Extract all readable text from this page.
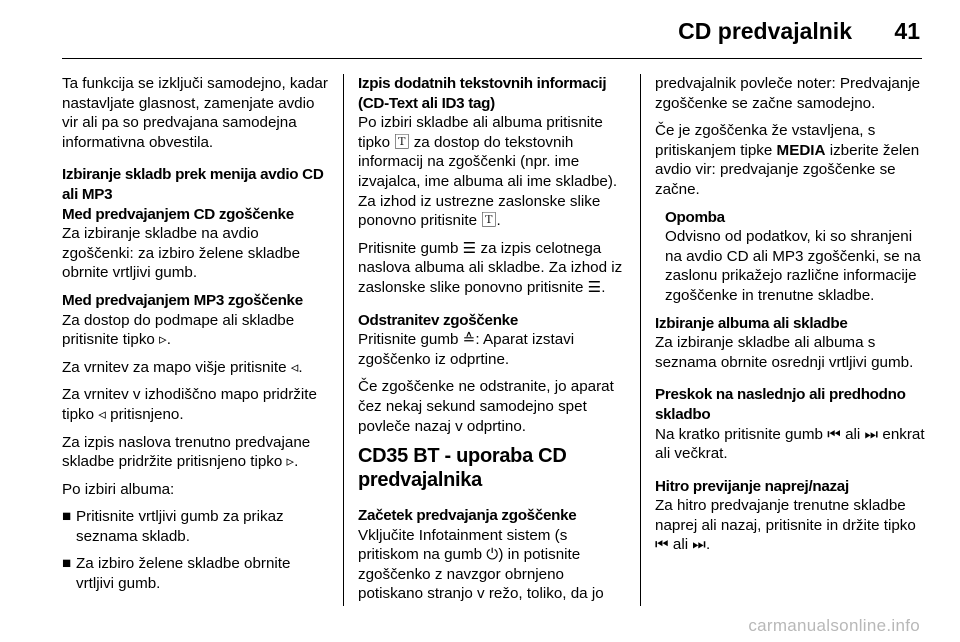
CD predvajalnik 41

Ta funkcija se izključi samodejno, kadar nastavljate glasnost, zamenjate avdio vir ali pa so predvajana samodejna informativna obvestila.

Izbiranje skladb prek menija avdio CD ali MP3
Med predvajanjem CD zgoščenke

Za izbiranje skladbe na avdio zgoščenki: za izbiro želene skladbe obrnite vrtljivi gumb.

Med predvajanjem MP3 zgoščenke

Za dostop do podmape ali skladbe pritisnite tipko ▹.

Za vrnitev za mapo višje pritisnite ◃.

Za vrnitev v izhodiščno mapo pridržite tipko ◃ pritisnjeno.

Za izpis naslova trenutno predvajane skladbe pridržite pritisnjeno tipko ▹.

Po izbiri albuma:

■ Pritisnite vrtljivi gumb za prikaz seznama skladb.
■ Za izbiro želene skladbe obrnite vrtljivi gumb.
Izpis dodatnih tekstovnih informacij (CD-Text ali ID3 tag)

Po izbiri skladbe ali albuma pritisnite tipko 🅃 za dostop do tekstovnih informacij na zgoščenki (npr. ime izvajalca, ime albuma ali ime skladbe). Za izhod iz ustrezne zaslonske slike ponovno pritisnite 🅃.

Pritisnite gumb ☰ za izpis celotnega naslova albuma ali skladbe. Za izhod iz zaslonske slike ponovno pritisnite ☰.

Odstranitev zgoščenke

Pritisnite gumb ≙: Aparat izstavi zgoščenko iz odprtine.

Če zgoščenke ne odstranite, jo aparat čez nekaj sekund samodejno spet povleče nazaj v odprtino.

CD35 BT - uporaba CD predvajalnika
Začetek predvajanja zgoščenke

Vključite Infotainment sistem (s pritiskom na gumb ⏻) in potisnite zgoščenko z navzgor obrnjeno potiskano stranjo v režo, toliko, da jo

predvajalnik povleče noter: Predvajanje zgoščenke se začne samodejno.

Če je zgoščenka že vstavljena, s pritiskanjem tipke MEDIA izberite želen avdio vir: predvajanje zgoščenke se začne.

Opomba

Odvisno od podatkov, ki so shranjeni na avdio CD ali MP3 zgoščenki, se na zaslonu prikažejo različne informacije zgoščenke in trenutne skladbe.

Izbiranje albuma ali skladbe

Za izbiranje skladbe ali albuma s seznama obrnite osrednji vrtljivi gumb.

Preskok na naslednjo ali predhodno skladbo

Na kratko pritisnite gumb ⏮ ali ⏭ enkrat ali večkrat.

Hitro previjanje naprej/nazaj

Za hitro predvajanje trenutne skladbe naprej ali nazaj, pritisnite in držite tipko ⏮ ali ⏭.

carmanualsonline.info
